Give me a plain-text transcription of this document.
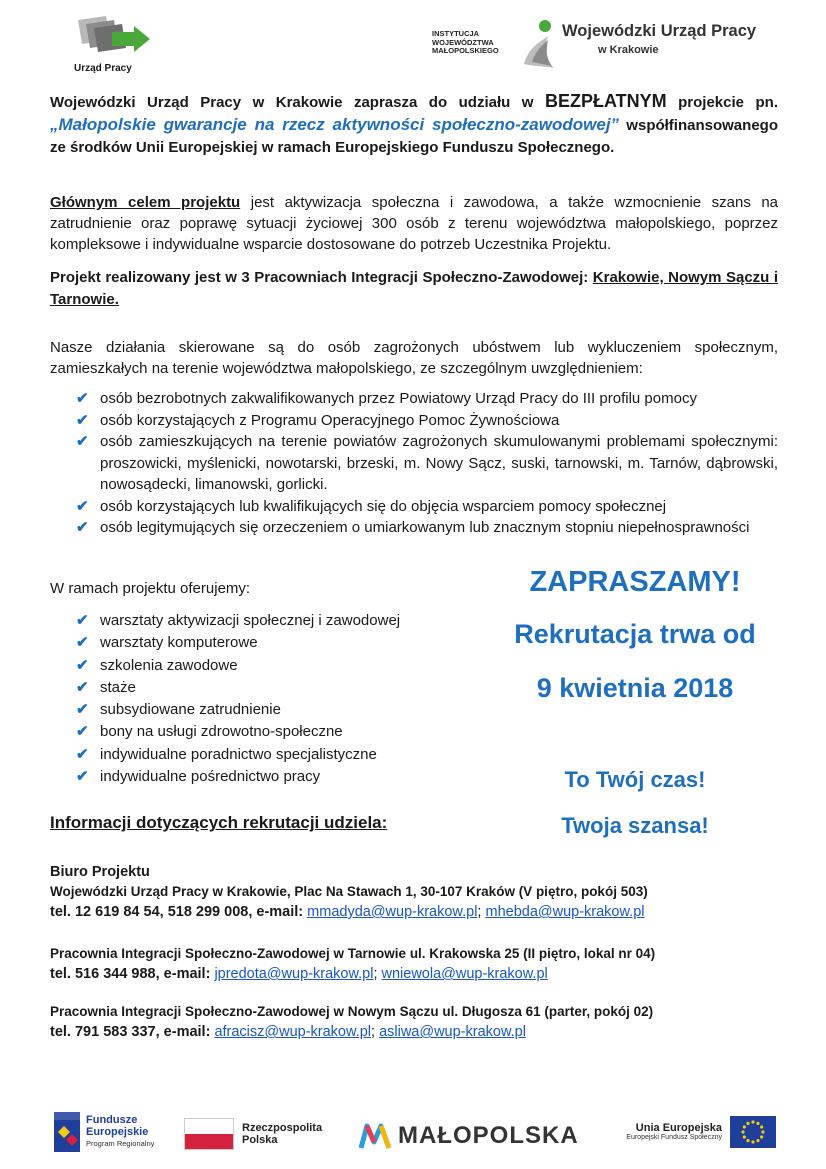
Urząd Pracy
INSTYTUCJA
WOJEWÓDZTWA
MAŁOPOLSKIEGO
Wojewódzki Urząd Pracy
w Krakowie
Wojewódzki Urząd Pracy w Krakowie zaprasza do udziału w BEZPŁATNYM projekcie pn. „Małopolskie gwarancje na rzecz aktywności społeczno-zawodowej” współfinansowanego ze środków Unii Europejskiej w ramach Europejskiego Funduszu Społecznego.
Głównym celem projektu jest aktywizacja społeczna i zawodowa, a także wzmocnienie szans na zatrudnienie oraz poprawę sytuacji życiowej 300 osób z terenu województwa małopolskiego, poprzez kompleksowe i indywidualne wsparcie dostosowane do potrzeb Uczestnika Projektu.
Projekt realizowany jest w 3 Pracowniach Integracji Społeczno-Zawodowej: Krakowie, Nowym Sączu i Tarnowie.
Nasze działania skierowane są do osób zagrożonych ubóstwem lub wykluczeniem społecznym, zamieszkałych na terenie województwa małopolskiego, ze szczególnym uwzględnieniem:
✔ osób bezrobotnych zakwalifikowanych przez Powiatowy Urząd Pracy do III profilu pomocy
✔ osób korzystających z Programu Operacyjnego Pomoc Żywnościowa
✔ osób zamieszkujących na terenie powiatów zagrożonych skumulowanymi problemami społecznymi: proszowicki, myślenicki, nowotarski, brzeski, m. Nowy Sącz, suski, tarnowski, m. Tarnów, dąbrowski, nowosądecki, limanowski, gorlicki.
✔ osób korzystających lub kwalifikujących się do objęcia wsparciem pomocy społecznej
✔ osób legitymujących się orzeczeniem o umiarkowanym lub znacznym stopniu niepełnosprawności
W ramach projektu oferujemy:
✔ warsztaty aktywizacji społecznej i zawodowej
✔ warsztaty komputerowe
✔ szkolenia zawodowe
✔ staże
✔ subsydiowane zatrudnienie
✔ bony na usługi zdrowotno-społeczne
✔ indywidualne poradnictwo specjalistyczne
✔ indywidualne pośrednictwo pracy
ZAPRASZAMY!
Rekrutacja trwa od
9 kwietnia 2018
To Twój czas!
Twoja szansa!
Informacji dotyczących rekrutacji udziela:
Biuro Projektu
Wojewódzki Urząd Pracy w Krakowie, Plac Na Stawach 1, 30-107 Kraków (V piętro, pokój 503)
tel. 12 619 84 54, 518 299 008, e-mail: mmadyda@wup-krakow.pl; mhebda@wup-krakow.pl
Pracownia Integracji Społeczno-Zawodowej w Tarnowie ul. Krakowska 25 (II piętro, lokal nr 04)
tel. 516 344 988, e-mail: jpredota@wup-krakow.pl; wniewola@wup-krakow.pl
Pracownia Integracji Społeczno-Zawodowej w Nowym Sączu ul. Długosza 61 (parter, pokój 02)
tel. 791 583 337, e-mail: afracisz@wup-krakow.pl; asliwa@wup-krakow.pl
Fundusze
Europejskie
Program Regionalny
Rzeczpospolita
Polska	MAŁOPOLSKA	Unia Europejska
Europejski Fundusz Społeczny
